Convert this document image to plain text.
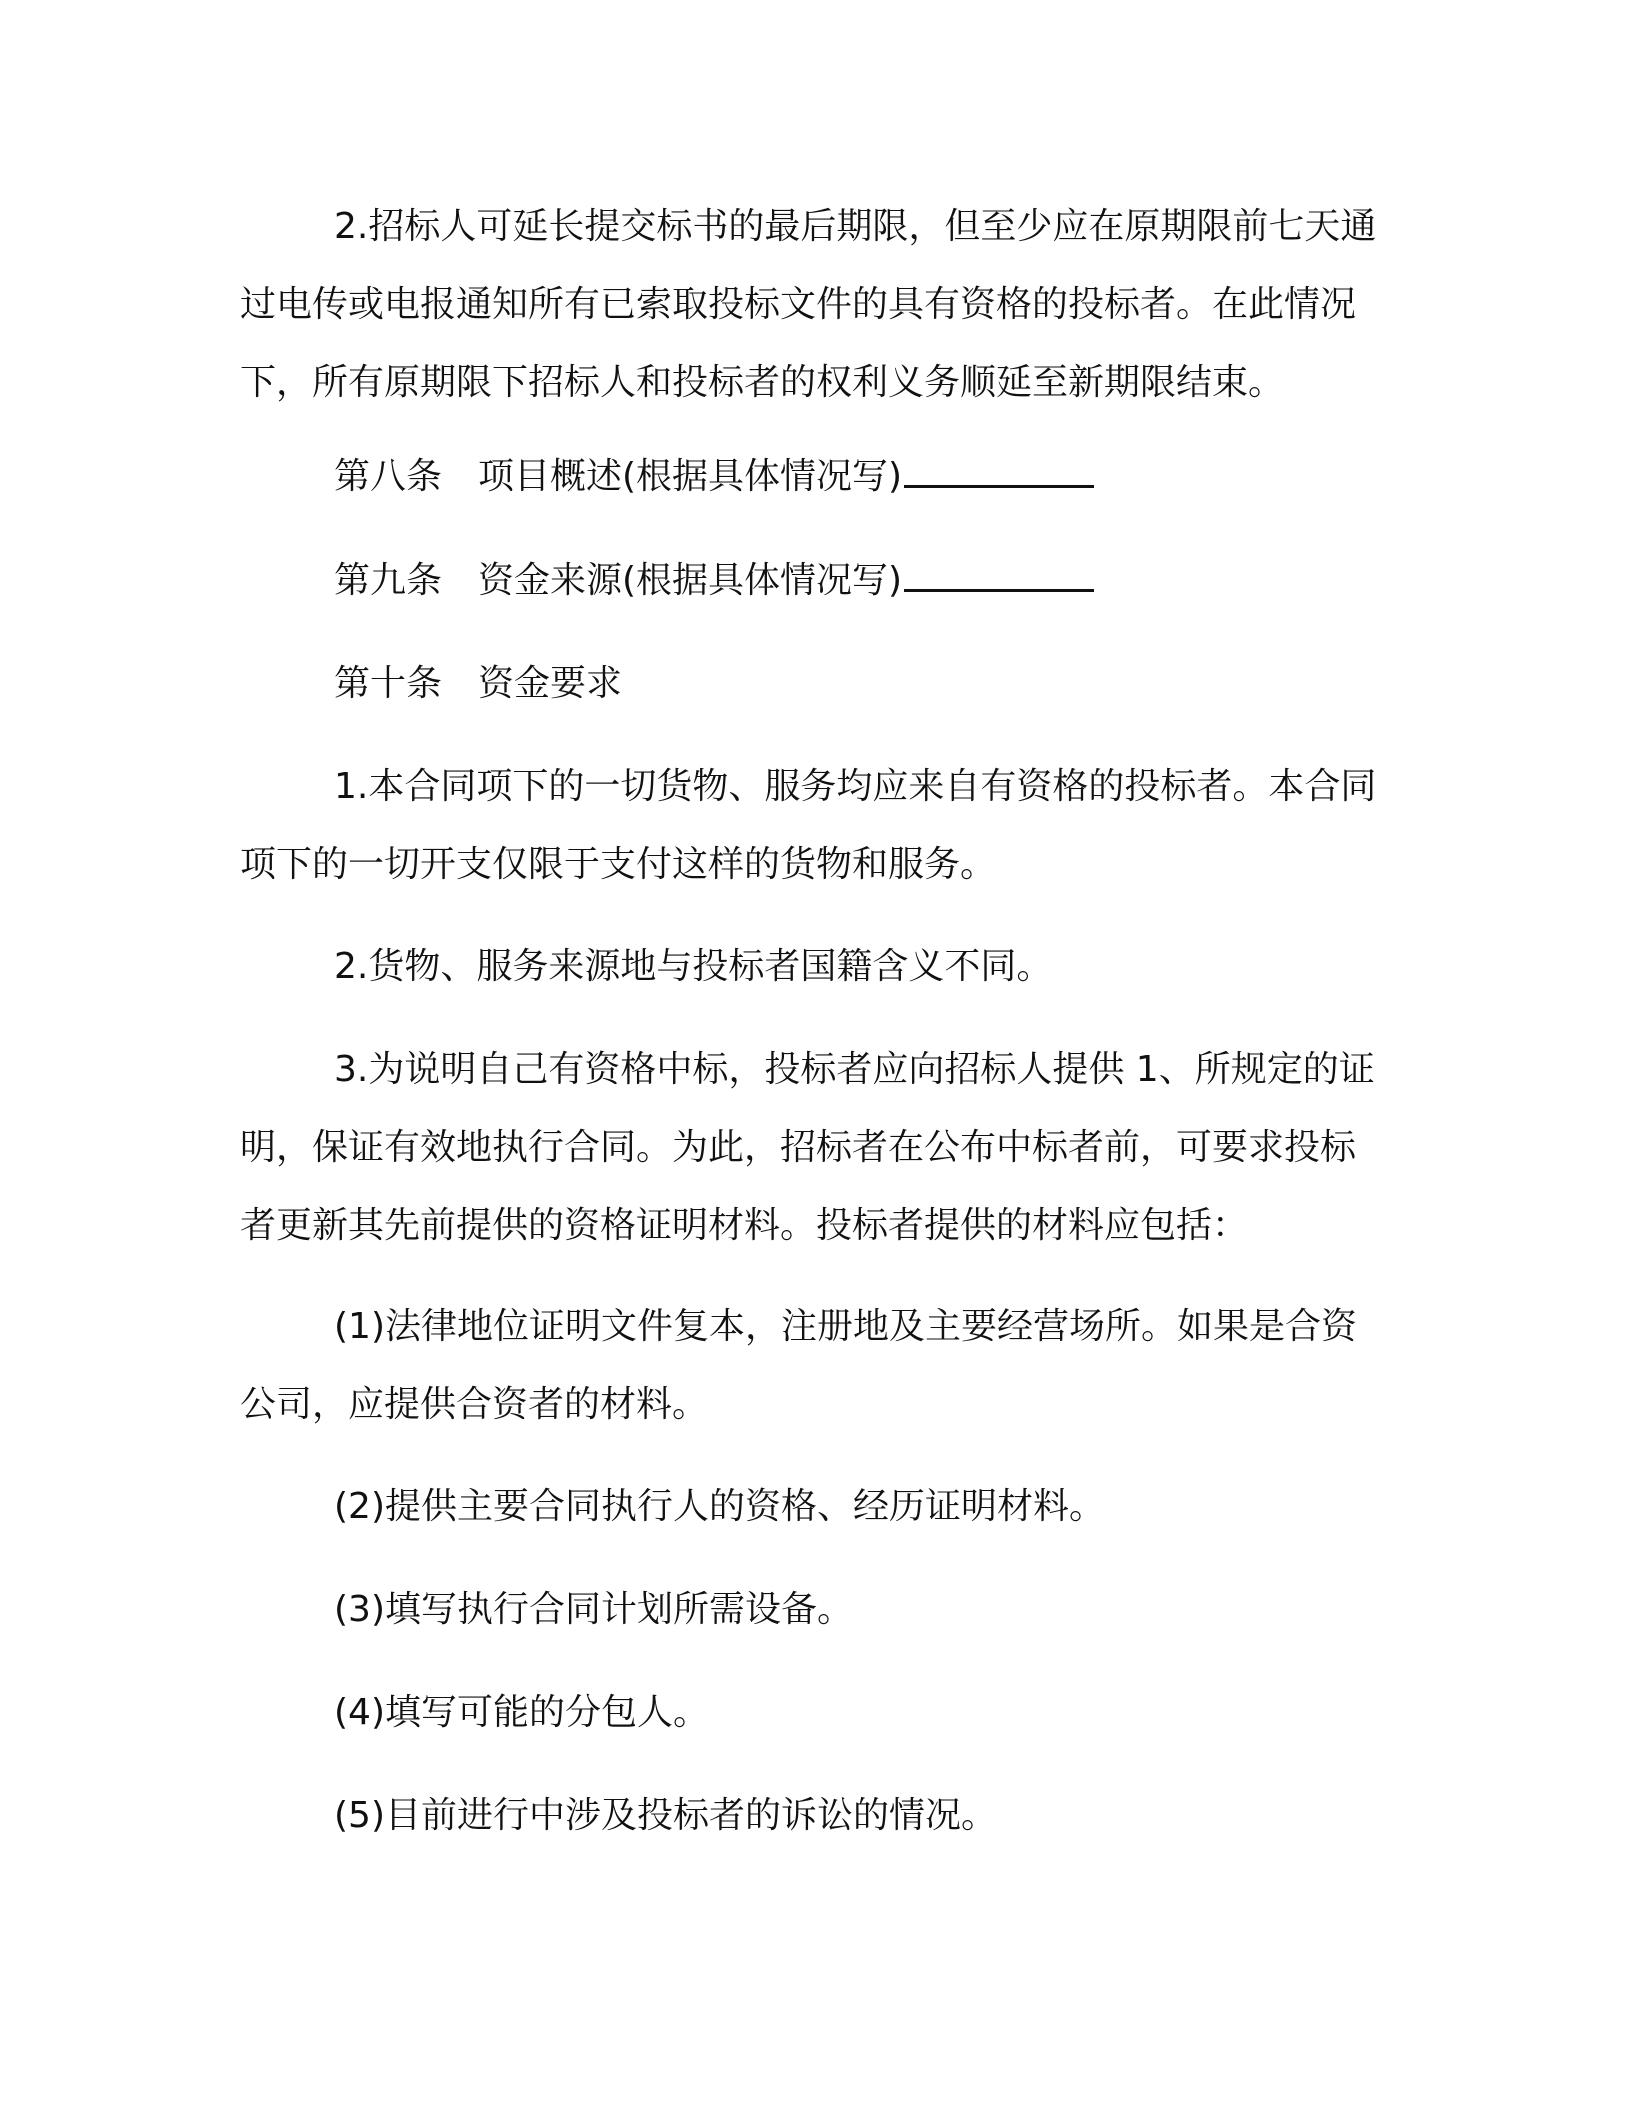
2.招标人可延长提交标书的最后期限，但至少应在原期限前七天通过电传或电报通知所有已索取投标文件的具有资格的投标者。在此情况下，所有原期限下招标人和投标者的权利义务顺延至新期限结束。

第八条 项目概述(根据具体情况写)

第九条 资金来源(根据具体情况写)

第十条 资金要求

1.本合同项下的一切货物、服务均应来自有资格的投标者。本合同项下的一切开支仅限于支付这样的货物和服务。

2.货物、服务来源地与投标者国籍含义不同。

3.为说明自己有资格中标，投标者应向招标人提供 1、所规定的证明，保证有效地执行合同。为此，招标者在公布中标者前，可要求投标者更新其先前提供的资格证明材料。投标者提供的材料应包括：

(1)法律地位证明文件复本，注册地及主要经营场所。如果是合资公司，应提供合资者的材料。

(2)提供主要合同执行人的资格、经历证明材料。

(3)填写执行合同计划所需设备。

(4)填写可能的分包人。

(5)目前进行中涉及投标者的诉讼的情况。
